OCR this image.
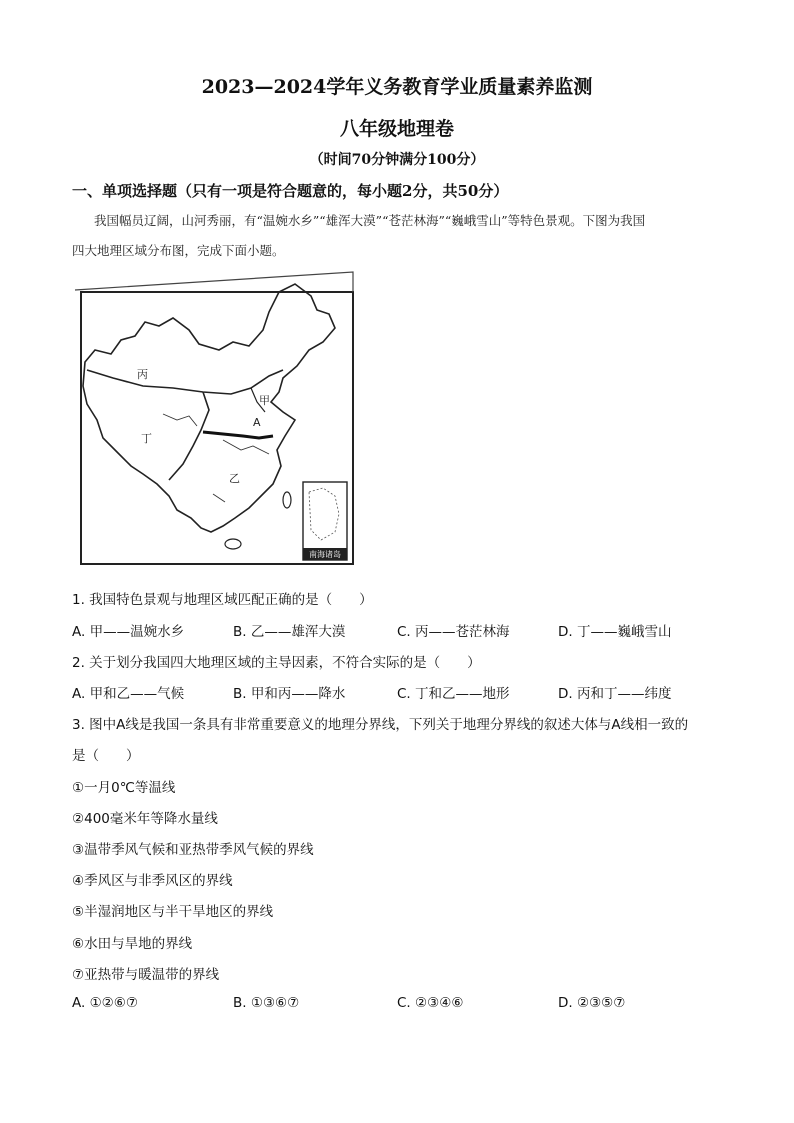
2023—2024学年义务教育学业质量素养监测
八年级地理卷
（时间70分钟满分100分）
一、单项选择题（只有一项是符合题意的，每小题2分，共50分）
我国幅员辽阔，山河秀丽，有“温婉水乡”“雄浑大漠”“苍茫林海”“巍峨雪山”等特色景观。下图为我国
四大地理区域分布图，完成下面小题。
南海诸岛
丙
甲
丁
A
乙
1. 我国特色景观与地理区域匹配正确的是（　　）
A. 甲——温婉水乡	B. 乙——雄浑大漠	C. 丙——苍茫林海	D. 丁——巍峨雪山
2. 关于划分我国四大地理区域的主导因素，不符合实际的是（　　）
A. 甲和乙——气候	B. 甲和丙——降水	C. 丁和乙——地形	D. 丙和丁——纬度
3. 图中A线是我国一条具有非常重要意义的地理分界线，下列关于地理分界线的叙述大体与A线相一致的
是（　　）
①一月0℃等温线
②400毫米年等降水量线
③温带季风气候和亚热带季风气候的界线
④季风区与非季风区的界线
⑤半湿润地区与半干旱地区的界线
⑥水田与旱地的界线
⑦亚热带与暖温带的界线
A. ①②⑥⑦	B. ①③⑥⑦	C. ②③④⑥	D. ②③⑤⑦
